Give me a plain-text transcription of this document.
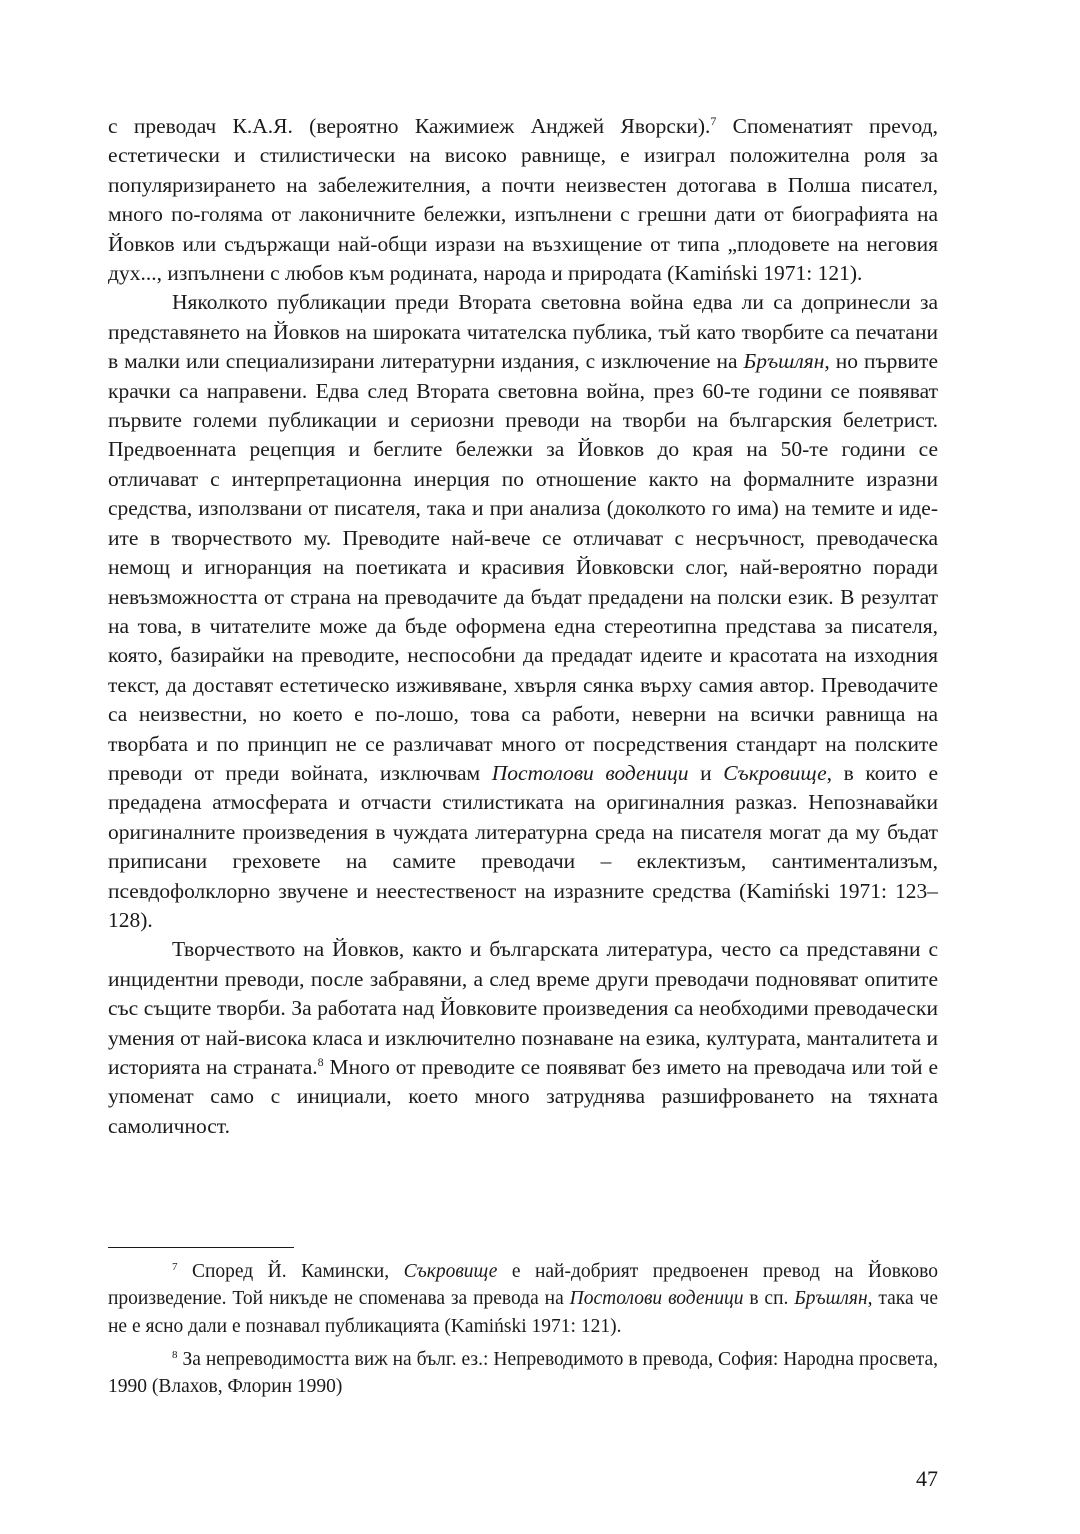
с преводач К.А.Я. (вероятно Кажимиеж Анджей Яворски).$^7$ Споменатият преvод, естетически и стилистически на високо равнище, е изиграл положителна роля за популяризирането на забележителния, а почти неизвестен дотогава в Полша писател, много по-голяма от лаконичните бележки, изпълнени с грешни дати от биографията на Йовков или съдържащи най-общи изрази на възхищение от типа „плодовете на неговия дух..., изпълнени с любов към родината, народа и природата (Kamiński 1971: 121).

Няколкото публикации преди Втората световна война едва ли са допринесли за представянето на Йовков на широката читателска публика, тъй като творбите са печатани в малки или специализирани литературни издания, с изключение на Бръшлян, но първите крачки са направени. Едва след Втората световна война, през 60-те години се появяват първите големи публикации и сериозни преводи на творби на българския белетрист. Предвоенната рецепция и беглите бележки за Йовков до края на 50-те години се отличават с интерпретационна инерция по отношение както на формалните изразни средства, използвани от писателя, така и при анализа (доколкото го има) на темите и идеите в творчеството му. Преводите най-вече се отличават с несръчност, преводаческа немощ и игноранция на поетиката и красивия Йовковски слог, най-вероятно поради невъзможността от страна на преводачите да бъдат предадени на полски език. В резултат на това, в читателите може да бъде оформена една стереотипна представа за писателя, която, базирайки на преводите, неспособни да предадат идеите и красотата на изходния текст, да доставят естетическо изживяване, хвърля сянка върху самия автор. Преводачите са неизвестни, но което е по-лошо, това са работи, неверни на всички равнища на творбата и по принцип не се различават много от посредствения стандарт на полските преводи от преди войната, изключвам Постолови воденици и Съкровище, в които е предадена атмосферата и отчасти стилистиката на оригиналния разказ. Непознавайки оригиналните произведения в чуждата литературна среда на писателя могат да му бъдат приписани греховете на самите преводачи – еклектизъм, сантиментализъм, псевдофолклорно звучене и неестественост на изразните средства (Kamiński 1971: 123–128).

Творчеството на Йовков, както и българската литература, често са представяни с инцидентни преводи, после забравяни, а след време други преводачи подновяват опитите със същите творби. За работата над Йовковите произведения са необходими преводачески умения от най-висока класа и изключително познаване на езика, културата, манталитета и историята на страната.$^8$ Много от преводите се появяват без името на преводача или той е упоменат само с инициали, което много затруднява разшифроването на тяхната самоличност.

$^7$ Според Й. Камински, Съкровище е най-добрият предвоенен превод на Йовково произведение. Той никъде не споменава за превода на Постолови воденици в сп. Бръшлян, така че не е ясно дали е познавал публикацията (Kamiński 1971: 121).

$^8$ За непреводимостта виж на бълг. ез.: Непреводимото в превода, София: Народна просвета, 1990 (Влахов, Флорин 1990)

47
